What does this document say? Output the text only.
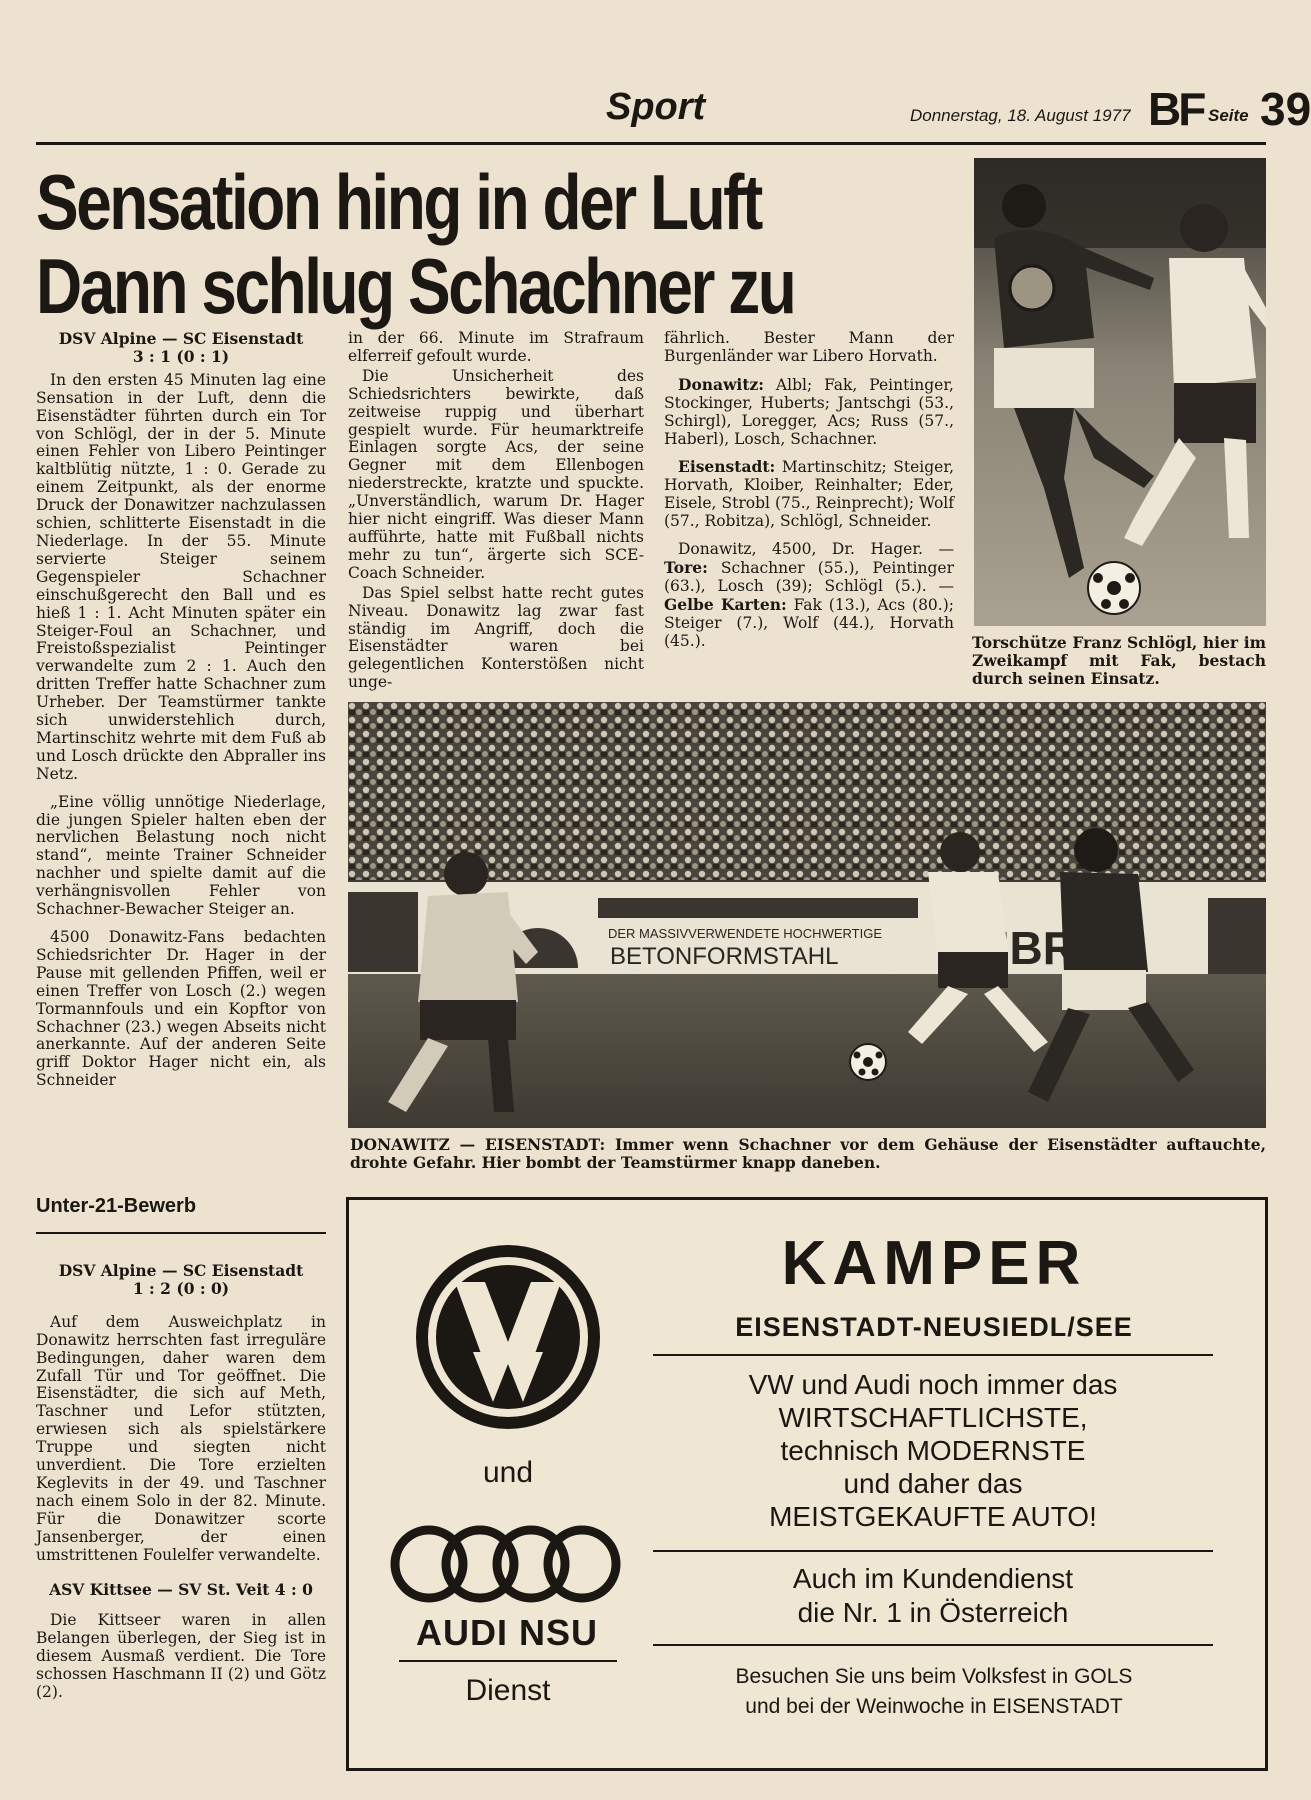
Sport	Donnerstag, 18. August 1977 BF Seite 39
Sensation hing in der Luft
Dann schlug Schachner zu

DSV Alpine — SC Eisenstadt

3 : 1 (0 : 1)

In den ersten 45 Minuten lag eine Sensation in der Luft, denn die Eisenstädter führten durch ein Tor von Schlögl, der in der 5. Minute einen Fehler von Libero Peintinger kaltblütig nützte, 1 : 0. Gerade zu einem Zeitpunkt, als der enorme Druck der Donawitzer nachzulassen schien, schlitterte Eisenstadt in die Niederlage. In der 55. Minute servierte Steiger seinem Gegenspieler Schachner einschußgerecht den Ball und es hieß 1 : 1. Acht Minuten später ein Steiger-Foul an Schachner, und Freistoßspezialist Peintinger verwandelte zum 2 : 1. Auch den dritten Treffer hatte Schachner zum Urheber. Der Teamstürmer tankte sich unwiderstehlich durch, Martinschitz wehrte mit dem Fuß ab und Losch drückte den Abpraller ins Netz.

„Eine völlig unnötige Niederlage, die jungen Spieler halten eben der nervlichen Belastung noch nicht stand“, meinte Trainer Schneider nachher und spielte damit auf die verhängnisvollen Fehler von Schachner-Bewacher Steiger an.

4500 Donawitz-Fans bedachten Schiedsrichter Dr. Hager in der Pause mit gellenden Pfiffen, weil er einen Treffer von Losch (2.) wegen Tormannfouls und ein Kopftor von Schachner (23.) wegen Abseits nicht anerkannte. Auf der anderen Seite griff Doktor Hager nicht ein, als Schneider

in der 66. Minute im Strafraum elferreif gefoult wurde.

Die Unsicherheit des Schiedsrichters bewirkte, daß zeitweise ruppig und überhart gespielt wurde. Für heumarktreife Einlagen sorgte Acs, der seine Gegner mit dem Ellenbogen niederstreckte, kratzte und spuckte. „Unverständlich, warum Dr. Hager hier nicht eingriff. Was dieser Mann aufführte, hatte mit Fußball nichts mehr zu tun“, ärgerte sich SCE-Coach Schneider.

Das Spiel selbst hatte recht gutes Niveau. Donawitz lag zwar fast ständig im Angriff, doch die Eisenstädter waren bei gelegentlichen Konterstößen nicht unge-

fährlich. Bester Mann der Burgenländer war Libero Horvath.

Donawitz: Albl; Fak, Peintinger, Stockinger, Huberts; Jantschgi (53., Schirgl), Loregger, Acs; Russ (57., Haberl), Losch, Schachner.

Eisenstadt: Martinschitz; Steiger, Horvath, Kloiber, Reinhalter; Eder, Eisele, Strobl (75., Reinprecht); Wolf (57., Robitza), Schlögl, Schneider.

Donawitz, 4500, Dr. Hager. — Tore: Schachner (55.), Peintinger (63.), Losch (39); Schlögl (5.). — Gelbe Karten: Fak (13.), Acs (80.); Steiger (7.), Wolf (44.), Horvath (45.).	Torschütze Franz Schlögl, hier im Zweikampf mit Fak, bestach durch seinen Einsatz.
DER MASSIVVERWENDETE HOCHWERTIGE
BETONFORMSTAHL
DONAWITZ — EISENSTADT: Immer wenn Schachner vor dem Gehäuse der Eisenstädter auftauchte, drohte Gefahr. Hier bombt der Teamstürmer knapp daneben.
Unter-21-Bewerb

DSV Alpine — SC Eisenstadt

1 : 2 (0 : 0)

Auf dem Ausweichplatz in Donawitz herrschten fast irreguläre Bedingungen, daher waren dem Zufall Tür und Tor geöffnet. Die Eisenstädter, die sich auf Meth, Taschner und Lefor stützten, erwiesen sich als spielstärkere Truppe und siegten nicht unverdient. Die Tore erzielten Keglevits in der 49. und Taschner nach einem Solo in der 82. Minute. Für die Donawitzer scorte Jansenberger, der einen umstrittenen Foulelfer verwandelte.

ASV Kittsee — SV St. Veit 4 : 0

Die Kittseer waren in allen Belangen überlegen, der Sieg ist in diesem Ausmaß verdient. Die Tore schossen Haschmann II (2) und Götz (2).

und
AUDI NSU
Dienst
KAMPER
EISENSTADT-NEUSIEDL/SEE
VW und Audi noch immer das
WIRTSCHAFTLICHSTE,
technisch MODERNSTE
und daher das
MEISTGEKAUFTE AUTO!
Auch im Kundendienst
die Nr. 1 in Österreich
Besuchen Sie uns beim Volksfest in GOLS
und bei der Weinwoche in EISENSTADT
